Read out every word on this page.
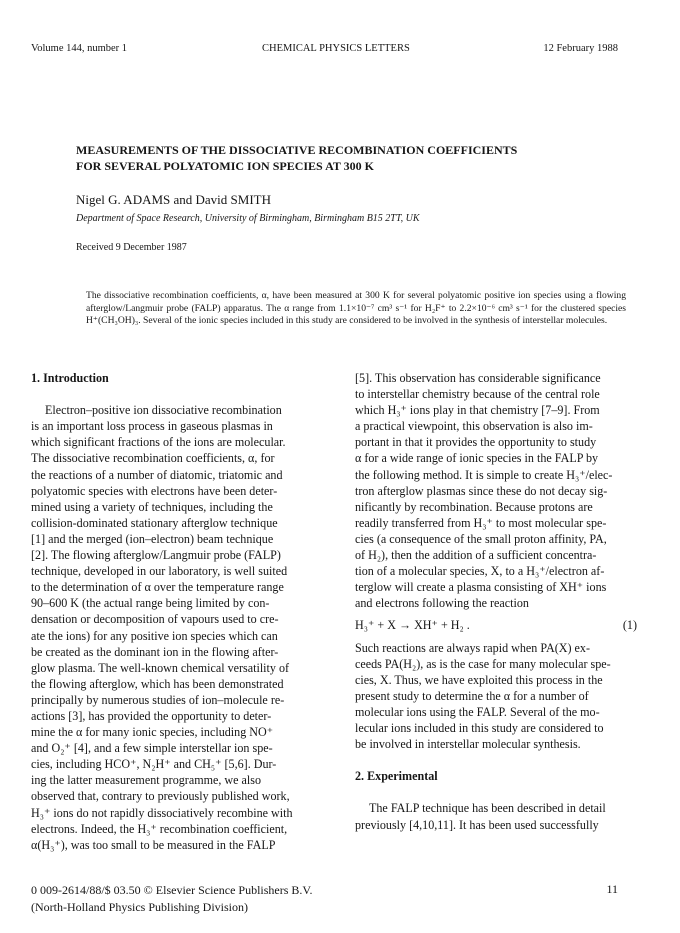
Volume 144, number 1	CHEMICAL PHYSICS LETTERS	12 February 1988
MEASUREMENTS OF THE DISSOCIATIVE RECOMBINATION COEFFICIENTS
FOR SEVERAL POLYATOMIC ION SPECIES AT 300 K
Nigel G. ADAMS and David SMITH
Department of Space Research, University of Birmingham, Birmingham B15 2TT, UK
Received 9 December 1987
The dissociative recombination coefficients, α, have been measured at 300 K for several polyatomic positive ion species using a flowing afterglow/Langmuir probe (FALP) apparatus. The α range from 1.1×10⁻⁷ cm³ s⁻¹ for H₂F⁺ to 2.2×10⁻⁶ cm³ s⁻¹ for the clustered species H⁺(CH₃OH)₃. Several of the ionic species included in this study are considered to be involved in the synthesis of interstellar molecules.
1. Introduction
Electron–positive ion dissociative recombination
is an important loss process in gaseous plasmas in
which significant fractions of the ions are molecular.
The dissociative recombination coefficients, α, for
the reactions of a number of diatomic, triatomic and
polyatomic species with electrons have been deter-
mined using a variety of techniques, including the
collision-dominated stationary afterglow technique
[1] and the merged (ion–electron) beam technique
[2]. The flowing afterglow/Langmuir probe (FALP)
technique, developed in our laboratory, is well suited
to the determination of α over the temperature range
90–600 K (the actual range being limited by con-
densation or decomposition of vapours used to cre-
ate the ions) for any positive ion species which can
be created as the dominant ion in the flowing after-
glow plasma. The well-known chemical versatility of
the flowing afterglow, which has been demonstrated
principally by numerous studies of ion–molecule re-
actions [3], has provided the opportunity to deter-
mine the α for many ionic species, including NO⁺
and O₂⁺ [4], and a few simple interstellar ion spe-
cies, including HCO⁺, N₂H⁺ and CH₅⁺ [5,6]. Dur-
ing the latter measurement programme, we also
observed that, contrary to previously published work,
H₃⁺ ions do not rapidly dissociatively recombine with
electrons. Indeed, the H₃⁺ recombination coefficient,
α(H₃⁺), was too small to be measured in the FALP
[5]. This observation has considerable significance
to interstellar chemistry because of the central role
which H₃⁺ ions play in that chemistry [7–9]. From
a practical viewpoint, this observation is also im-
portant in that it provides the opportunity to study
α for a wide range of ionic species in the FALP by
the following method. It is simple to create H₃⁺/elec-
tron afterglow plasmas since these do not decay sig-
nificantly by recombination. Because protons are
readily transferred from H₃⁺ to most molecular spe-
cies (a consequence of the small proton affinity, PA,
of H₂), then the addition of a sufficient concentra-
tion of a molecular species, X, to a H₃⁺/electron af-
terglow will create a plasma consisting of XH⁺ ions
and electrons following the reaction
H₃⁺ + X → XH⁺ + H₂ .	(1)
Such reactions are always rapid when PA(X) ex-
ceeds PA(H₂), as is the case for many molecular spe-
cies, X. Thus, we have exploited this process in the
present study to determine the α for a number of
molecular ions using the FALP. Several of the mo-
lecular ions included in this study are considered to
be involved in interstellar molecular synthesis.
2. Experimental
The FALP technique has been described in detail
previously [4,10,11]. It has been used successfully
0 009-2614/88/$ 03.50 © Elsevier Science Publishers B.V.
(North-Holland Physics Publishing Division)
11
